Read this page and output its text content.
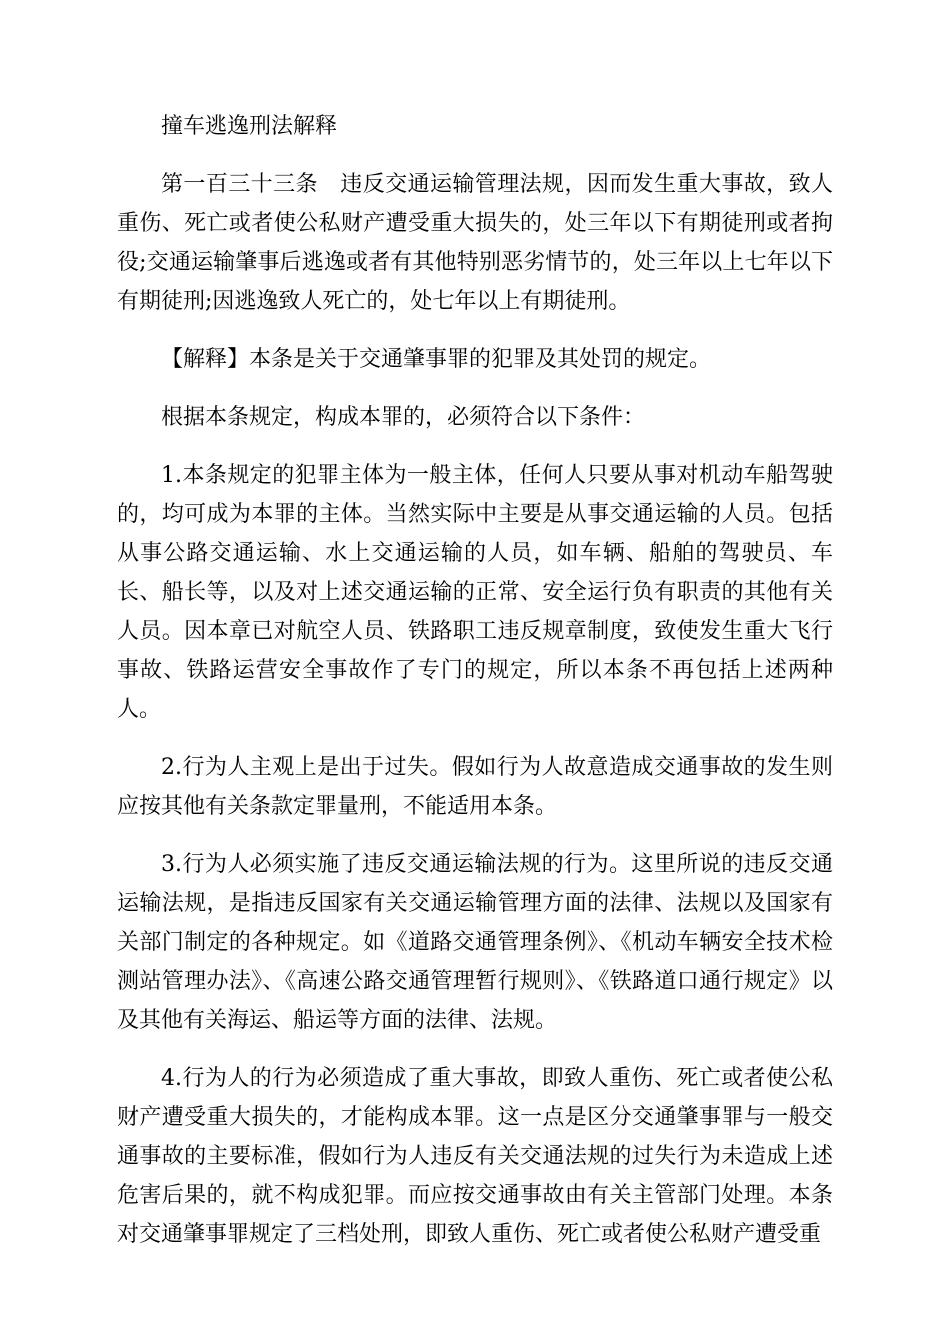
撞车逃逸刑法解释

第一百三十三条　违反交通运输管理法规，因而发生重大事故，致人重伤、死亡或者使公私财产遭受重大损失的，处三年以下有期徒刑或者拘役;交通运输肇事后逃逸或者有其他特别恶劣情节的，处三年以上七年以下有期徒刑;因逃逸致人死亡的，处七年以上有期徒刑。

【解释】本条是关于交通肇事罪的犯罪及其处罚的规定。

根据本条规定，构成本罪的，必须符合以下条件：

1.本条规定的犯罪主体为一般主体，任何人只要从事对机动车船驾驶的，均可成为本罪的主体。当然实际中主要是从事交通运输的人员。包括从事公路交通运输、水上交通运输的人员，如车辆、船舶的驾驶员、车长、船长等，以及对上述交通运输的正常、安全运行负有职责的其他有关人员。因本章已对航空人员、铁路职工违反规章制度，致使发生重大飞行事故、铁路运营安全事故作了专门的规定，所以本条不再包括上述两种人。

2.行为人主观上是出于过失。假如行为人故意造成交通事故的发生则应按其他有关条款定罪量刑，不能适用本条。

3.行为人必须实施了违反交通运输法规的行为。这里所说的违反交通运输法规，是指违反国家有关交通运输管理方面的法律、法规以及国家有关部门制定的各种规定。如《道路交通管理条例》、《机动车辆安全技术检测站管理办法》、《高速公路交通管理暂行规则》、《铁路道口通行规定》以及其他有关海运、船运等方面的法律、法规。

4.行为人的行为必须造成了重大事故，即致人重伤、死亡或者使公私财产遭受重大损失的，才能构成本罪。这一点是区分交通肇事罪与一般交通事故的主要标准，假如行为人违反有关交通法规的过失行为未造成上述危害后果的，就不构成犯罪。而应按交通事故由有关主管部门处理。本条对交通肇事罪规定了三档处刑，即致人重伤、死亡或者使公私财产遭受重
